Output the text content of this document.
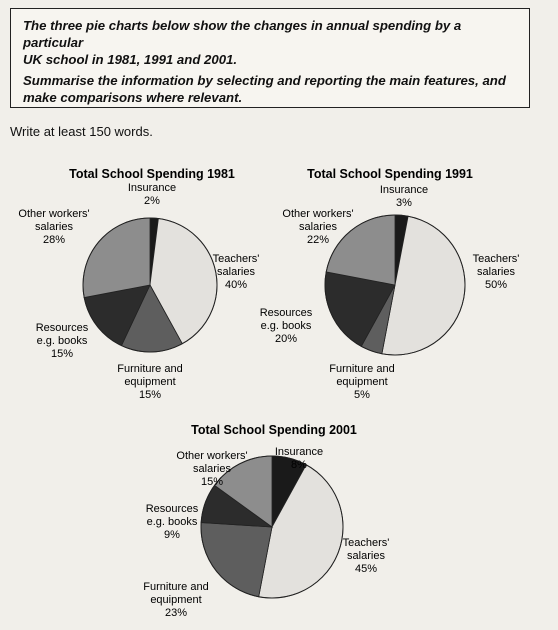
The three pie charts below show the changes in annual spending by a particular

UK school in 1981, 1991 and 2001.

Summarise the information by selecting and reporting the main features, and

make comparisons where relevant.

Write at least 150 words.
Total School Spending 1981
Insurance 2%
Teachers' salaries 40%
Furniture and equipment 15%
Resources e.g. books 15%
Other workers' salaries 28%
Total School Spending 1991
Insurance 3%
Teachers' salaries 50%
Furniture and equipment 5%
Resources e.g. books 20%
Other workers' salaries 22%
Total School Spending 2001
Insurance 8%
Teachers' salaries 45%
Furniture and equipment 23%
Resources e.g. books 9%
Other workers' salaries 15%
